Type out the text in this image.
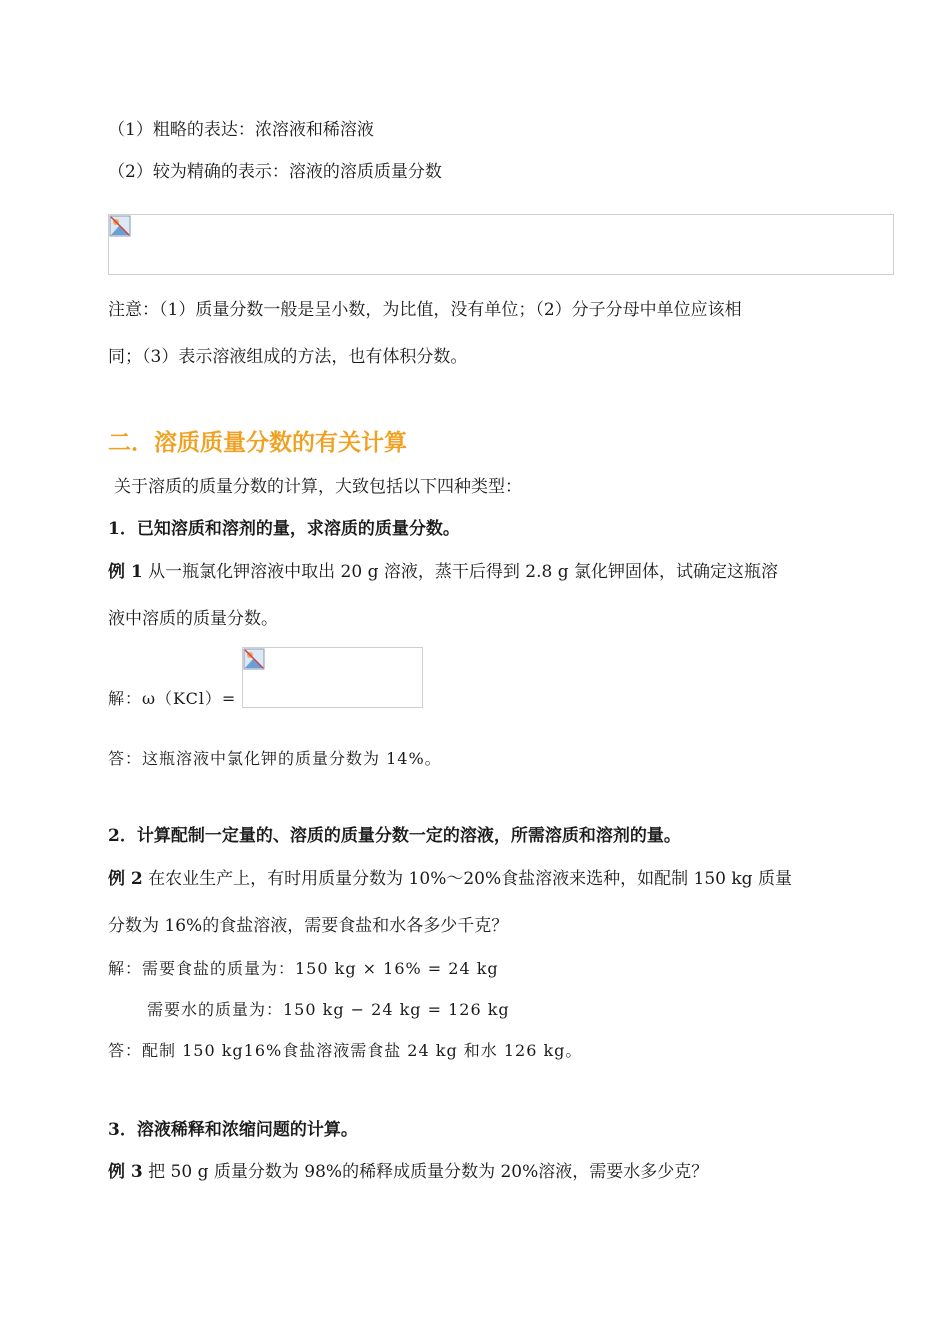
（1）粗略的表达：浓溶液和稀溶液
（2）较为精确的表示：溶液的溶质质量分数
注意：（1）质量分数一般是呈小数，为比值，没有单位；（2）分子分母中单位应该相
同；（3）表示溶液组成的方法，也有体积分数。
二．溶质质量分数的有关计算
关于溶质的质量分数的计算，大致包括以下四种类型：
1．已知溶质和溶剂的量，求溶质的质量分数。
例 1 从一瓶氯化钾溶液中取出 20 g 溶液，蒸干后得到 2.8 g 氯化钾固体，试确定这瓶溶
液中溶质的质量分数。
解：ω（KCl）=
答：这瓶溶液中氯化钾的质量分数为 14%。
2．计算配制一定量的、溶质的质量分数一定的溶液，所需溶质和溶剂的量。
例 2 在农业生产上，有时用质量分数为 10%～20%食盐溶液来选种，如配制 150 kg 质量
分数为 16%的食盐溶液，需要食盐和水各多少千克？
解：需要食盐的质量为：150 kg × 16% = 24 kg
需要水的质量为：150 kg − 24 kg = 126 kg
答：配制 150 kg16%食盐溶液需食盐 24 kg 和水 126 kg。
3．溶液稀释和浓缩问题的计算。
例 3 把 50 g 质量分数为 98%的稀释成质量分数为 20%溶液，需要水多少克？
